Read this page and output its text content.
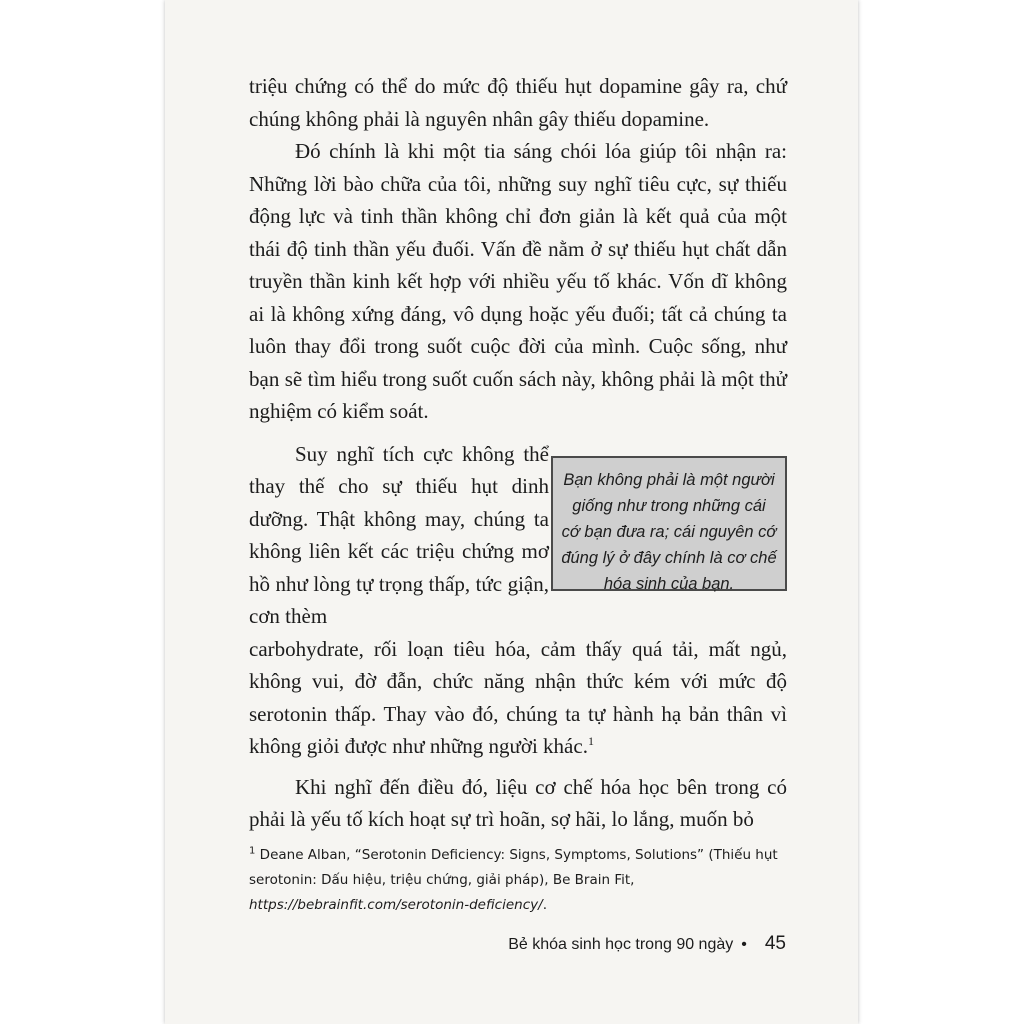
triệu chứng có thể do mức độ thiếu hụt dopamine gây ra, chứ chúng không phải là nguyên nhân gây thiếu dopamine.

Đó chính là khi một tia sáng chói lóa giúp tôi nhận ra: Những lời bào chữa của tôi, những suy nghĩ tiêu cực, sự thiếu động lực và tinh thần không chỉ đơn giản là kết quả của một thái độ tinh thần yếu đuối. Vấn đề nằm ở sự thiếu hụt chất dẫn truyền thần kinh kết hợp với nhiều yếu tố khác. Vốn dĩ không ai là không xứng đáng, vô dụng hoặc yếu đuối; tất cả chúng ta luôn thay đổi trong suốt cuộc đời của mình. Cuộc sống, như bạn sẽ tìm hiểu trong suốt cuốn sách này, không phải là một thử nghiệm có kiểm soát.

Suy nghĩ tích cực không thể thay thế cho sự thiếu hụt dinh dưỡng. Thật không may, chúng ta không liên kết các triệu chứng mơ hồ như lòng tự trọng thấp, tức giận, cơn thèm

Bạn không phải là một người giống như trong những cái cớ bạn đưa ra; cái nguyên cớ đúng lý ở đây chính là cơ chế hóa sinh của bạn.

carbohydrate, rối loạn tiêu hóa, cảm thấy quá tải, mất ngủ, không vui, đờ đẫn, chức năng nhận thức kém với mức độ serotonin thấp. Thay vào đó, chúng ta tự hành hạ bản thân vì không giỏi được như những người khác.$^1$

Khi nghĩ đến điều đó, liệu cơ chế hóa học bên trong có phải là yếu tố kích hoạt sự trì hoãn, sợ hãi, lo lắng, muốn bỏ

$^1$ Deane Alban, “Serotonin Deficiency: Signs, Symptoms, Solutions” (Thiếu hụt serotonin: Dấu hiệu, triệu chứng, giải pháp), Be Brain Fit, https://bebrainfit.com/serotonin-deficiency/.
Bẻ khóa sinh học trong 90 ngày • 45
